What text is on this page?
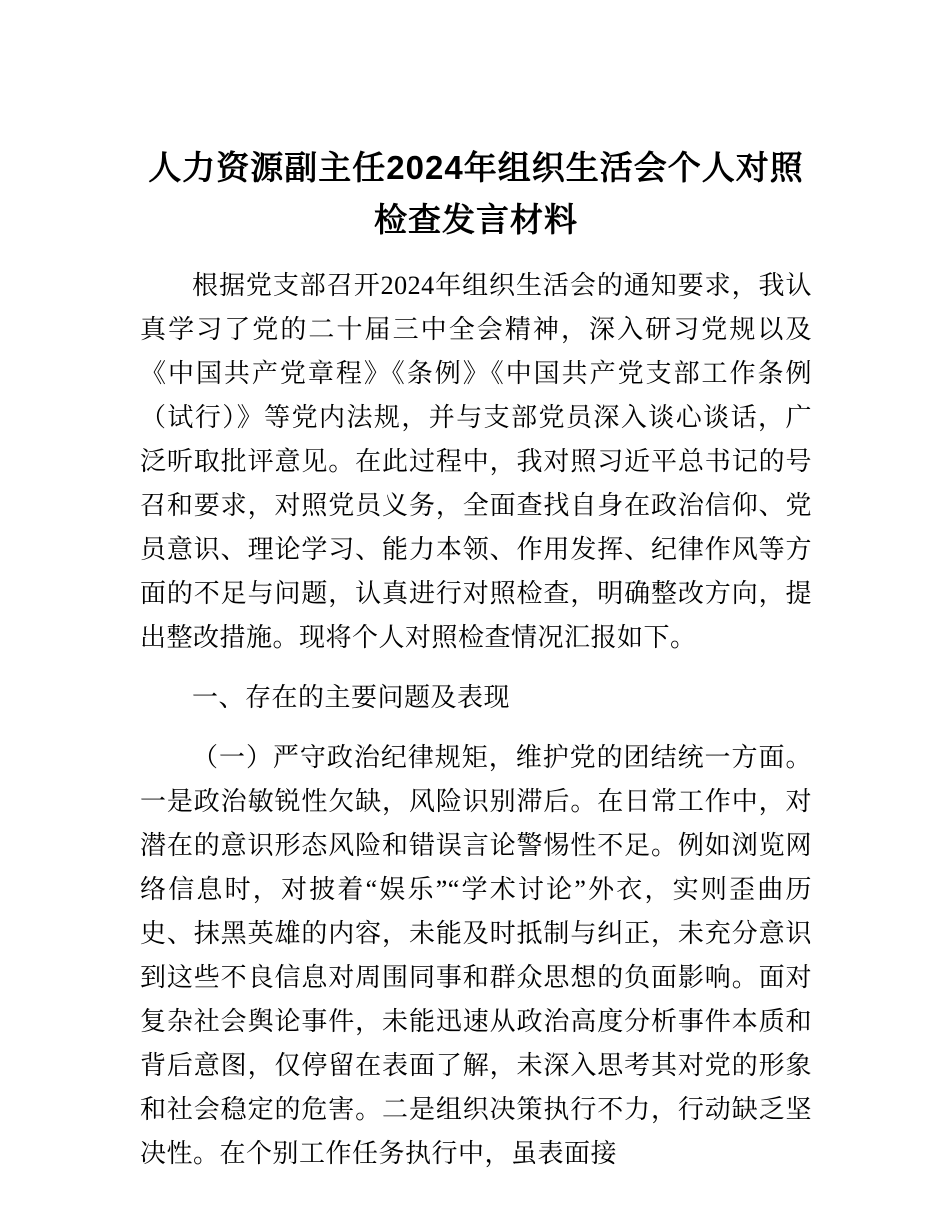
人力资源副主任2024年组织生活会个人对照检查发言材料

根据党支部召开2024年组织生活会的通知要求，我认真学习了党的二十届三中全会精神，深入研习党规以及《中国共产党章程》《条例》《中国共产党支部工作条例（试行）》等党内法规，并与支部党员深入谈心谈话，广泛听取批评意见。在此过程中，我对照习近平总书记的号召和要求，对照党员义务，全面查找自身在政治信仰、党员意识、理论学习、能力本领、作用发挥、纪律作风等方面的不足与问题，认真进行对照检查，明确整改方向，提出整改措施。现将个人对照检查情况汇报如下。

一、存在的主要问题及表现

（一）严守政治纪律规矩，维护党的团结统一方面。一是政治敏锐性欠缺，风险识别滞后。在日常工作中，对潜在的意识形态风险和错误言论警惕性不足。例如浏览网络信息时，对披着“娱乐”“学术讨论”外衣，实则歪曲历史、抹黑英雄的内容，未能及时抵制与纠正，未充分意识到这些不良信息对周围同事和群众思想的负面影响。面对复杂社会舆论事件，未能迅速从政治高度分析事件本质和背后意图，仅停留在表面了解，未深入思考其对党的形象和社会稳定的危害。二是组织决策执行不力，行动缺乏坚决性。在个别工作任务执行中，虽表面接
